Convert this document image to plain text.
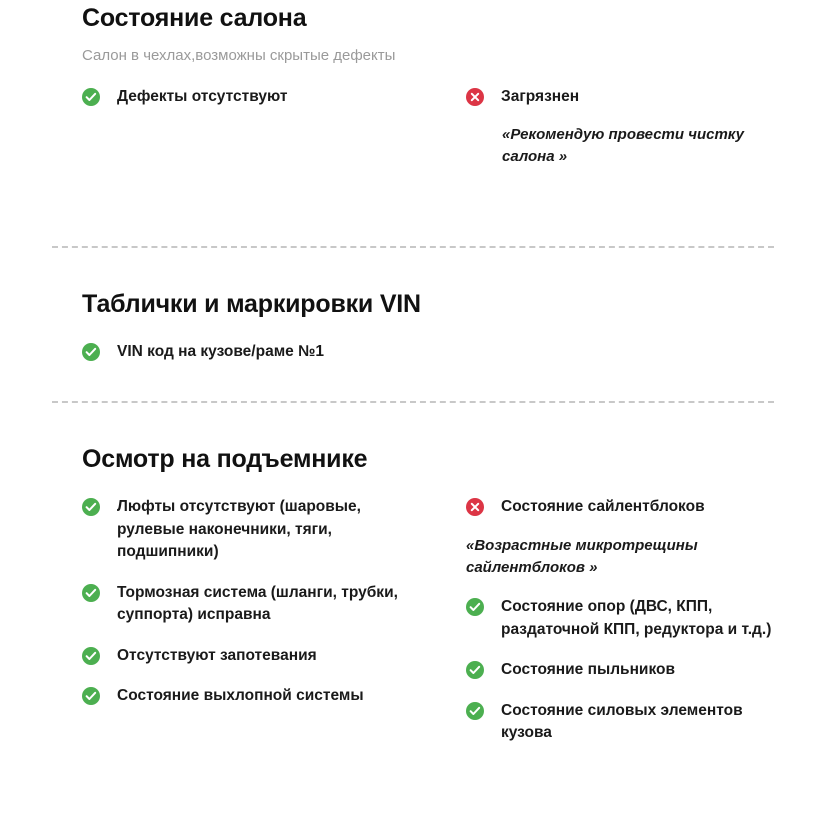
Состояние салона

Салон в чехлах,возможны скрытые дефекты

Дефекты отсутствуют	Загрязнен
«Рекомендую провести чистку салона »
Таблички и маркировки VIN
VIN код на кузове/раме №1
Осмотр на подъемнике
Люфты отсутствуют (шаровые, рулевые наконечники, тяги, подшипники)
Тормозная система (шланги, трубки, суппорта) исправна
Отсутствуют запотевания
Состояние выхлопной системы
Состояние сайлентблоков
«Возрастные микротрещины сайлентблоков »
Состояние опор (ДВС, КПП, раздаточной КПП, редуктора и т.д.)
Состояние пыльников
Состояние силовых элементов кузова
